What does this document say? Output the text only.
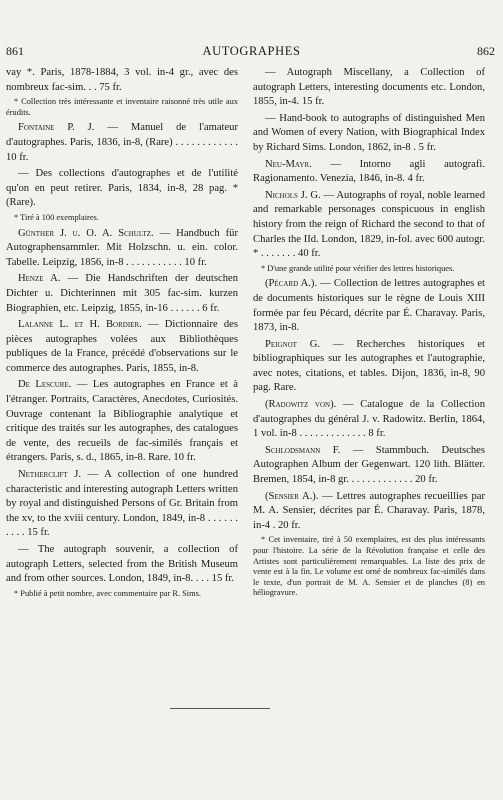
861	AUTOGRAPHES	862

vay *. Paris, 1878-1884, 3 vol. in-4 gr., avec des nombreux fac-sim. . . 75 fr.

* Collection très intéressante et inventaire raisonné très utile aux érudits.

Fontaine P. J. — Manuel de l'amateur d'autographes. Paris, 1836, in-8, (Rare) . . . . . . . . . . . . 10 fr.

— Des collections d'autographes et de l'utilité qu'on en peut retirer. Paris, 1834, in-8, 28 pag. * (Rare).

* Tiré à 100 exemplaires.

Günther J. u. O. A. Schultz. — Handbuch für Autographensammler. Mit Holzschn. u. ein. color. Tabelle. Leipzig, 1856, in-8 . . . . . . . . . . . 10 fr.

Henze A. — Die Handschriften der deutschen Dichter u. Dichterinnen mit 305 fac-sim. kurzen Biographien, etc. Leipzig, 1855, in-16 . . . . . . 6 fr.

Lalanne L. et H. Bordier. — Dictionnaire des pièces autographes volées aux Bibliothèques publiques de la France, précédé d'observations sur le commerce des autographes. Paris, 1855, in-8.

De Lescure. — Les autographes en France et à l'étranger. Portraits, Caractères, Anecdotes, Curiosités. Ouvrage contenant la Bibliographie analytique et critique des traités sur les autographes, des catalogues de vente, des recueils de fac-similés français et étrangers. Paris, s. d., 1865, in-8. Rare. 10 fr.

Netherclift J. — A collection of one hundred characteristic and interesting autograph Letters written by royal and distinguished Persons of Gr. Britain from the xv, to the xviii century. London, 1849, in-8 . . . . . . . . . . 15 fr.

— The autograph souvenir, a collection of autograph Letters, selected from the British Museum and from other sources. London, 1849, in-8. . . . 15 fr.

* Publié à petit nombre, avec commentaire par R. Sims.

— Autograph Miscellany, a Collection of autograph Letters, interesting documents etc. London, 1855, in-4. 15 fr.

— Hand-book to autographs of distinguished Men and Women of every Nation, with Biographical Index by Richard Sims. London, 1862, in-8 . 5 fr.

Neu-Mayr. — Intorno agli autografi. Ragionamento. Venezia, 1846, in-8. 4 fr.

Nichols J. G. — Autographs of royal, noble learned and remarkable personages conspicuous in english history from the reign of Richard the second to that of Charles the IId. London, 1829, in-fol. avec 600 autogr. * . . . . . . . 40 fr.

* D'une grande utilité pour vérifier des lettres historiques.

(Pécard A.). — Collection de lettres autographes et de documents historiques sur le règne de Louis XIII formée par feu Pécard, décrite par É. Charavay. Paris, 1873, in-8.

Peignot G. — Recherches historiques et bibliographiques sur les autographes et l'autographie, avec notes, citations, et tables. Dijon, 1836, in-8, 90 pag. Rare.

(Radowitz von). — Catalogue de la Collection d'autographes du général J. v. Radowitz. Berlin, 1864, 1 vol. in-8 . . . . . . . . . . . . . 8 fr.

Schlodsmann F. — Stammbuch. Deutsches Autographen Album der Gegenwart. 120 lith. Blätter. Bremen, 1854, in-8 gr. . . . . . . . . . . . . 20 fr.

(Sensier A.). — Lettres autographes recueillies par M. A. Sensier, décrites par É. Charavay. Paris, 1878, in-4 . 20 fr.

* Cet inventaire, tiré à 50 exemplaires, est des plus intéressants pour l'histoire. La série de la Révolution française et celle des Artistes sont particulièrement remarquables. La liste des prix de vente est à la fin. Le volume est orné de nombreux fac-similés dans le texte, d'un portrait de M. A. Sensier et de planches (8) en héliogravure.
